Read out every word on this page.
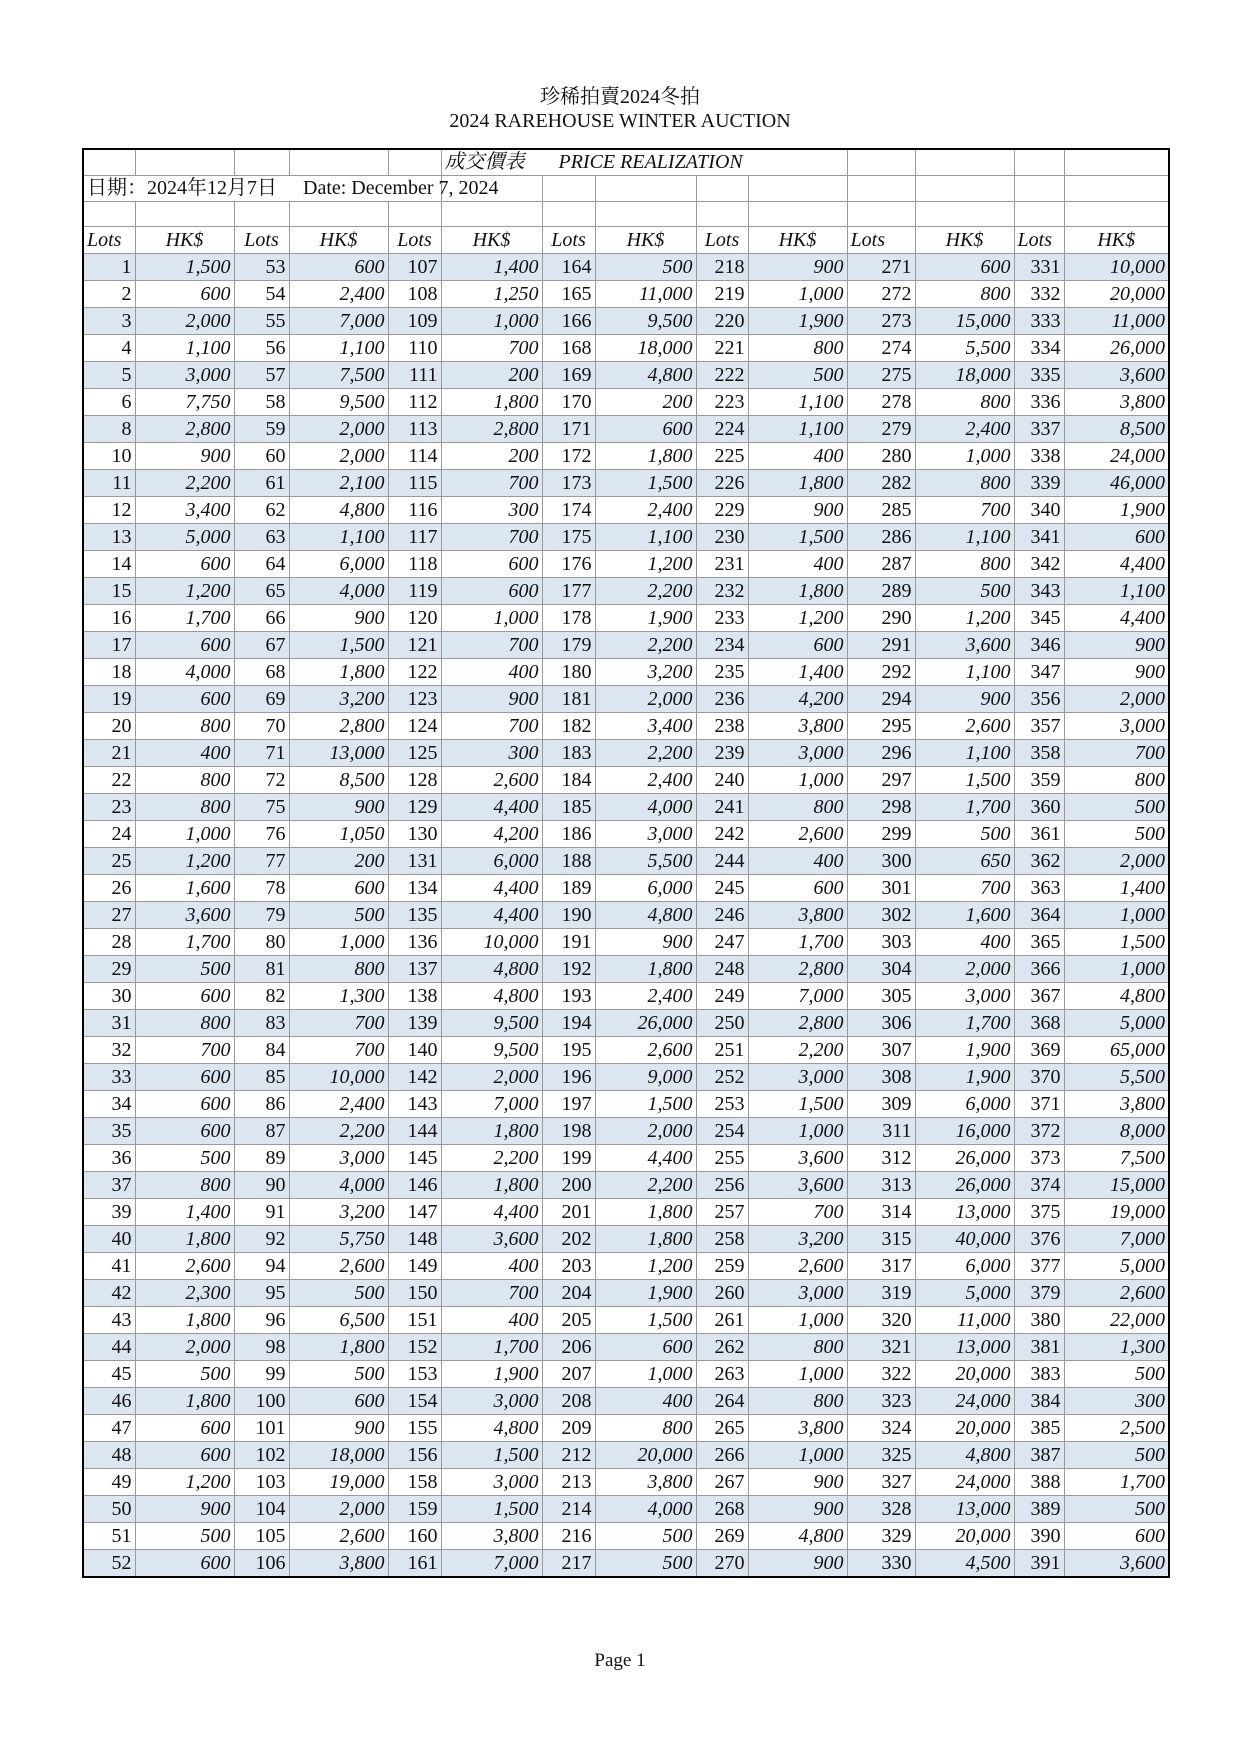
珍稀拍賣2024冬拍
2024 RAREHOUSE WINTER AUCTION
					成交價表 PRICE REALIZATION								
日期：2024年12月7日 Date: December 7, 2024													

Lots	HK$	Lots	HK$	Lots	HK$	Lots	HK$	Lots	HK$	Lots	HK$	Lots	HK$
1	1,500	53	600	107	1,400	164	500	218	900	271	600	331	10,000
2	600	54	2,400	108	1,250	165	11,000	219	1,000	272	800	332	20,000
3	2,000	55	7,000	109	1,000	166	9,500	220	1,900	273	15,000	333	11,000
4	1,100	56	1,100	110	700	168	18,000	221	800	274	5,500	334	26,000
5	3,000	57	7,500	111	200	169	4,800	222	500	275	18,000	335	3,600
6	7,750	58	9,500	112	1,800	170	200	223	1,100	278	800	336	3,800
8	2,800	59	2,000	113	2,800	171	600	224	1,100	279	2,400	337	8,500
10	900	60	2,000	114	200	172	1,800	225	400	280	1,000	338	24,000
11	2,200	61	2,100	115	700	173	1,500	226	1,800	282	800	339	46,000
12	3,400	62	4,800	116	300	174	2,400	229	900	285	700	340	1,900
13	5,000	63	1,100	117	700	175	1,100	230	1,500	286	1,100	341	600
14	600	64	6,000	118	600	176	1,200	231	400	287	800	342	4,400
15	1,200	65	4,000	119	600	177	2,200	232	1,800	289	500	343	1,100
16	1,700	66	900	120	1,000	178	1,900	233	1,200	290	1,200	345	4,400
17	600	67	1,500	121	700	179	2,200	234	600	291	3,600	346	900
18	4,000	68	1,800	122	400	180	3,200	235	1,400	292	1,100	347	900
19	600	69	3,200	123	900	181	2,000	236	4,200	294	900	356	2,000
20	800	70	2,800	124	700	182	3,400	238	3,800	295	2,600	357	3,000
21	400	71	13,000	125	300	183	2,200	239	3,000	296	1,100	358	700
22	800	72	8,500	128	2,600	184	2,400	240	1,000	297	1,500	359	800
23	800	75	900	129	4,400	185	4,000	241	800	298	1,700	360	500
24	1,000	76	1,050	130	4,200	186	3,000	242	2,600	299	500	361	500
25	1,200	77	200	131	6,000	188	5,500	244	400	300	650	362	2,000
26	1,600	78	600	134	4,400	189	6,000	245	600	301	700	363	1,400
27	3,600	79	500	135	4,400	190	4,800	246	3,800	302	1,600	364	1,000
28	1,700	80	1,000	136	10,000	191	900	247	1,700	303	400	365	1,500
29	500	81	800	137	4,800	192	1,800	248	2,800	304	2,000	366	1,000
30	600	82	1,300	138	4,800	193	2,400	249	7,000	305	3,000	367	4,800
31	800	83	700	139	9,500	194	26,000	250	2,800	306	1,700	368	5,000
32	700	84	700	140	9,500	195	2,600	251	2,200	307	1,900	369	65,000
33	600	85	10,000	142	2,000	196	9,000	252	3,000	308	1,900	370	5,500
34	600	86	2,400	143	7,000	197	1,500	253	1,500	309	6,000	371	3,800
35	600	87	2,200	144	1,800	198	2,000	254	1,000	311	16,000	372	8,000
36	500	89	3,000	145	2,200	199	4,400	255	3,600	312	26,000	373	7,500
37	800	90	4,000	146	1,800	200	2,200	256	3,600	313	26,000	374	15,000
39	1,400	91	3,200	147	4,400	201	1,800	257	700	314	13,000	375	19,000
40	1,800	92	5,750	148	3,600	202	1,800	258	3,200	315	40,000	376	7,000
41	2,600	94	2,600	149	400	203	1,200	259	2,600	317	6,000	377	5,000
42	2,300	95	500	150	700	204	1,900	260	3,000	319	5,000	379	2,600
43	1,800	96	6,500	151	400	205	1,500	261	1,000	320	11,000	380	22,000
44	2,000	98	1,800	152	1,700	206	600	262	800	321	13,000	381	1,300
45	500	99	500	153	1,900	207	1,000	263	1,000	322	20,000	383	500
46	1,800	100	600	154	3,000	208	400	264	800	323	24,000	384	300
47	600	101	900	155	4,800	209	800	265	3,800	324	20,000	385	2,500
48	600	102	18,000	156	1,500	212	20,000	266	1,000	325	4,800	387	500
49	1,200	103	19,000	158	3,000	213	3,800	267	900	327	24,000	388	1,700
50	900	104	2,000	159	1,500	214	4,000	268	900	328	13,000	389	500
51	500	105	2,600	160	3,800	216	500	269	4,800	329	20,000	390	600
52	600	106	3,800	161	7,000	217	500	270	900	330	4,500	391	3,600
Page 1
